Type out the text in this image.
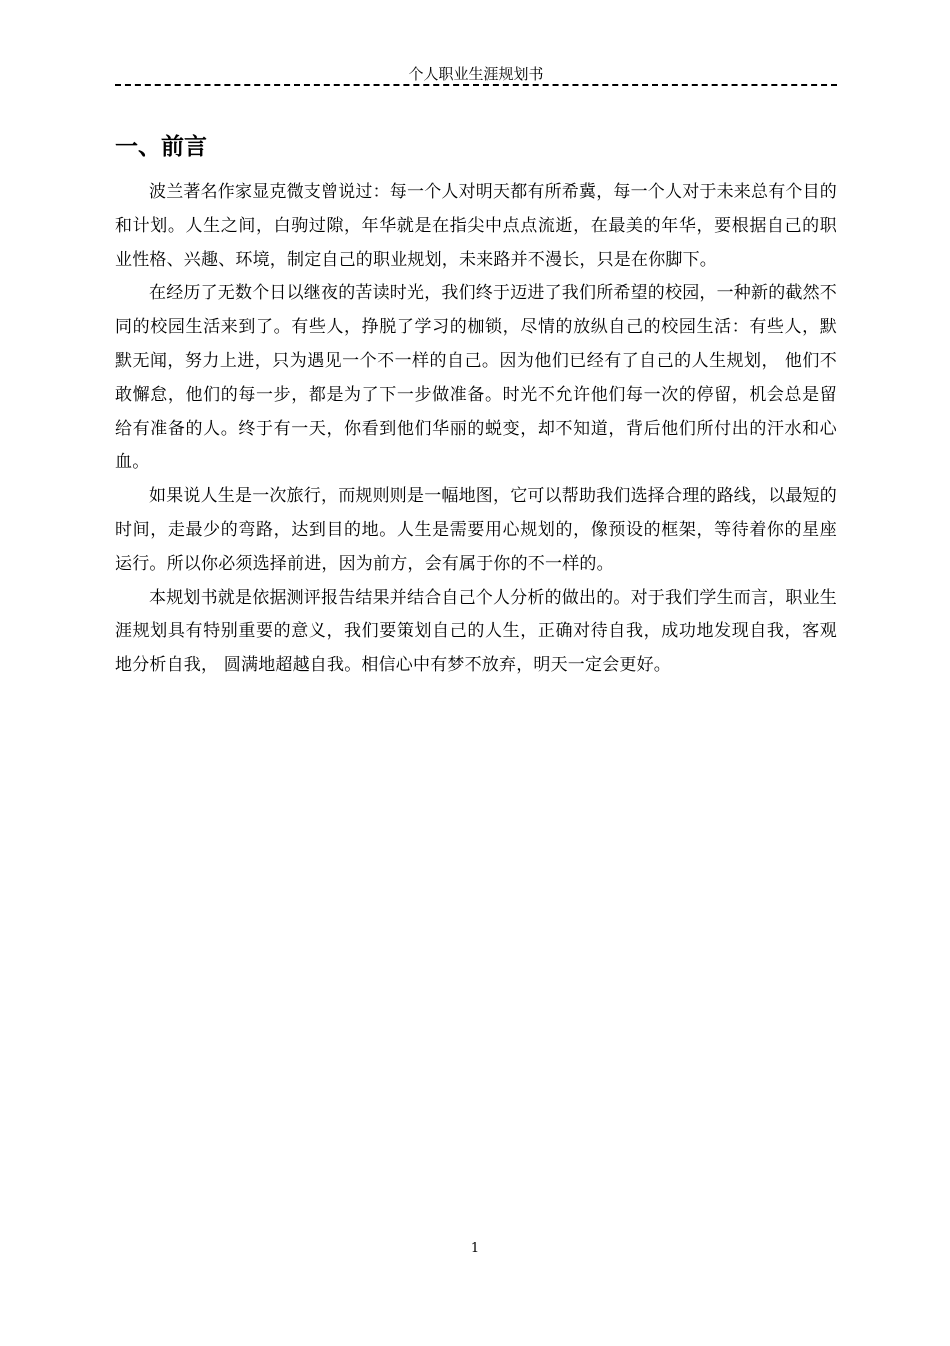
个人职业生涯规划书
一、前言

波兰著名作家显克微支曾说过：每一个人对明天都有所希冀，每一个人对于未来总有个目的和计划。人生之间，白驹过隙，年华就是在指尖中点点流逝，在最美的年华，要根据自己的职业性格、兴趣、环境，制定自己的职业规划，未来路并不漫长，只是在你脚下。

在经历了无数个日以继夜的苦读时光，我们终于迈进了我们所希望的校园，一种新的截然不同的校园生活来到了。有些人，挣脱了学习的枷锁，尽情的放纵自己的校园生活：有些人，默默无闻，努力上进，只为遇见一个不一样的自己。因为他们已经有了自己的人生规划， 他们不敢懈怠，他们的每一步，都是为了下一步做准备。时光不允许他们每一次的停留，机会总是留给有准备的人。终于有一天，你看到他们华丽的蜕变，却不知道，背后他们所付出的汗水和心血。

如果说人生是一次旅行，而规则则是一幅地图，它可以帮助我们选择合理的路线，以最短的时间，走最少的弯路，达到目的地。人生是需要用心规划的，像预设的框架，等待着你的星座运行。所以你必须选择前进，因为前方，会有属于你的不一样的。

本规划书就是依据测评报告结果并结合自己个人分析的做出的。对于我们学生而言，职业生涯规划具有特别重要的意义，我们要策划自己的人生，正确对待自我，成功地发现自我，客观地分析自我， 圆满地超越自我。相信心中有梦不放弃，明天一定会更好。

1
